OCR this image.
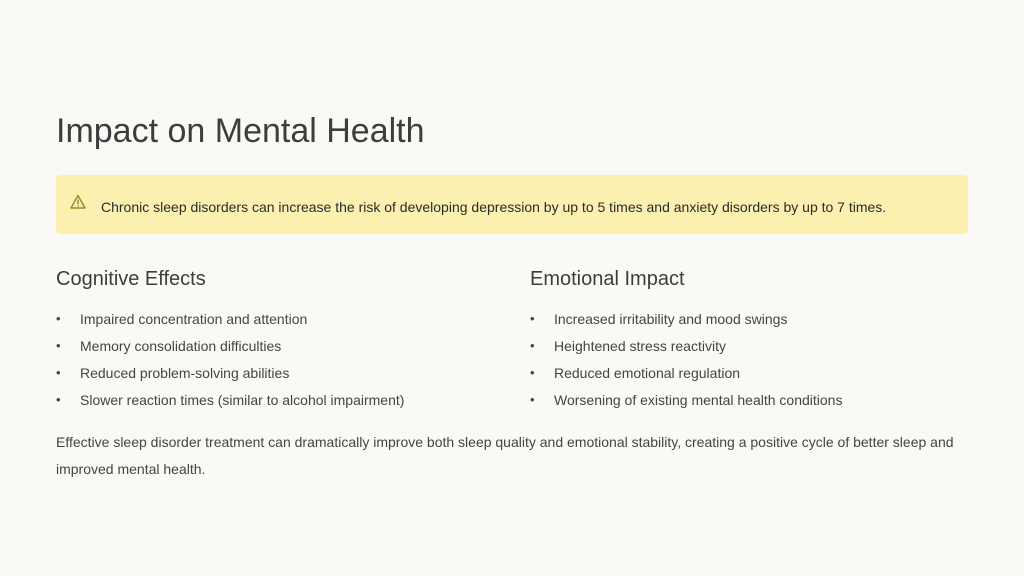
Impact on Mental Health
Chronic sleep disorders can increase the risk of developing depression by up to 5 times and anxiety disorders by up to 7 times.
Cognitive Effects
•	Impaired concentration and attention
•	Memory consolidation difficulties
•	Reduced problem-solving abilities
•	Slower reaction times (similar to alcohol impairment)
Emotional Impact
•	Increased irritability and mood swings
•	Heightened stress reactivity
•	Reduced emotional regulation
•	Worsening of existing mental health conditions

Effective sleep disorder treatment can dramatically improve both sleep quality and emotional stability, creating a positive cycle of better sleep and improved mental health.
